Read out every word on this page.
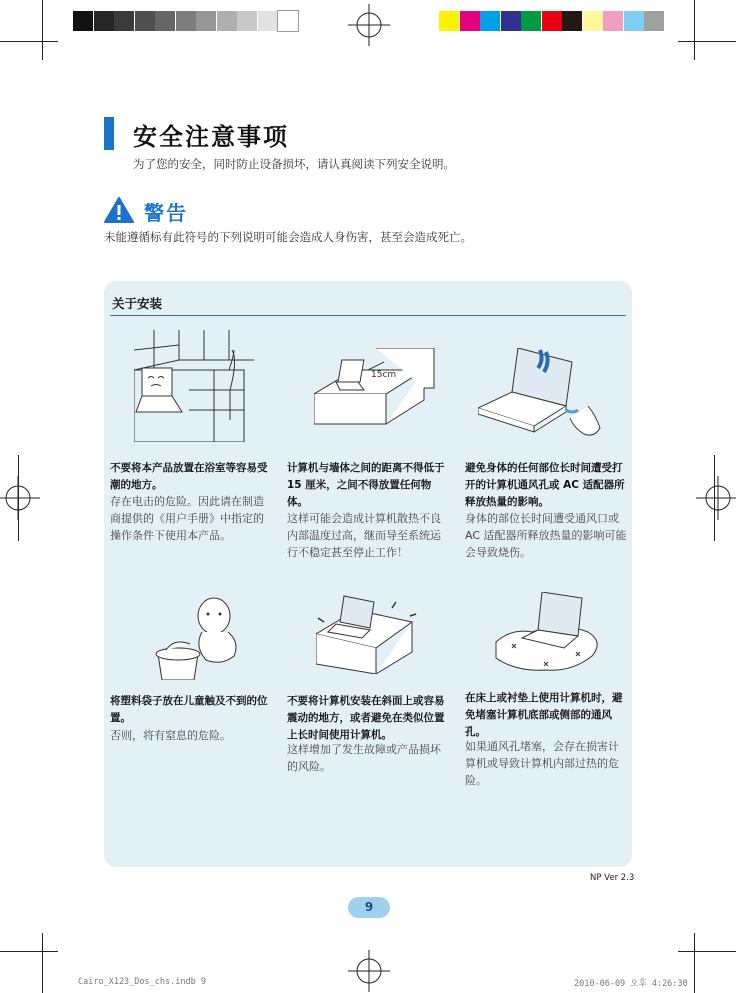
安全注意事项
为了您的安全，同时防止设备损坏，请认真阅读下列安全说明。
警告
未能遵循标有此符号的下列说明可能会造成人身伤害，甚至会造成死亡。
关于安装
15cm
不要将本产品放置在浴室等容易受潮的地方。
存在电击的危险。因此请在制造商提供的《用户手册》中指定的操作条件下使用本产品。
计算机与墙体之间的距离不得低于 15 厘米，之间不得放置任何物体。
这样可能会造成计算机散热不良内部温度过高，继而导至系统运行不稳定甚至停止工作！
避免身体的任何部位长时间遭受打开的计算机通风孔或 AC 适配器所释放热量的影响。
身体的部位长时间遭受通风口或 AC 适配器所释放热量的影响可能会导致烧伤。
将塑料袋子放在儿童触及不到的位置。
否则，将有窒息的危险。
不要将计算机安装在斜面上或容易震动的地方，或者避免在类似位置上长时间使用计算机。
这样增加了发生故障或产品损坏的风险。
在床上或衬垫上使用计算机时，避免堵塞计算机底部或侧部的通风孔。
如果通风孔堵塞，会存在损害计算机或导致计算机内部过热的危险。
NP Ver 2.3
9
Cairo_X123_Dos_chs.indb 9	2010-06-09 오후 4:26:30
